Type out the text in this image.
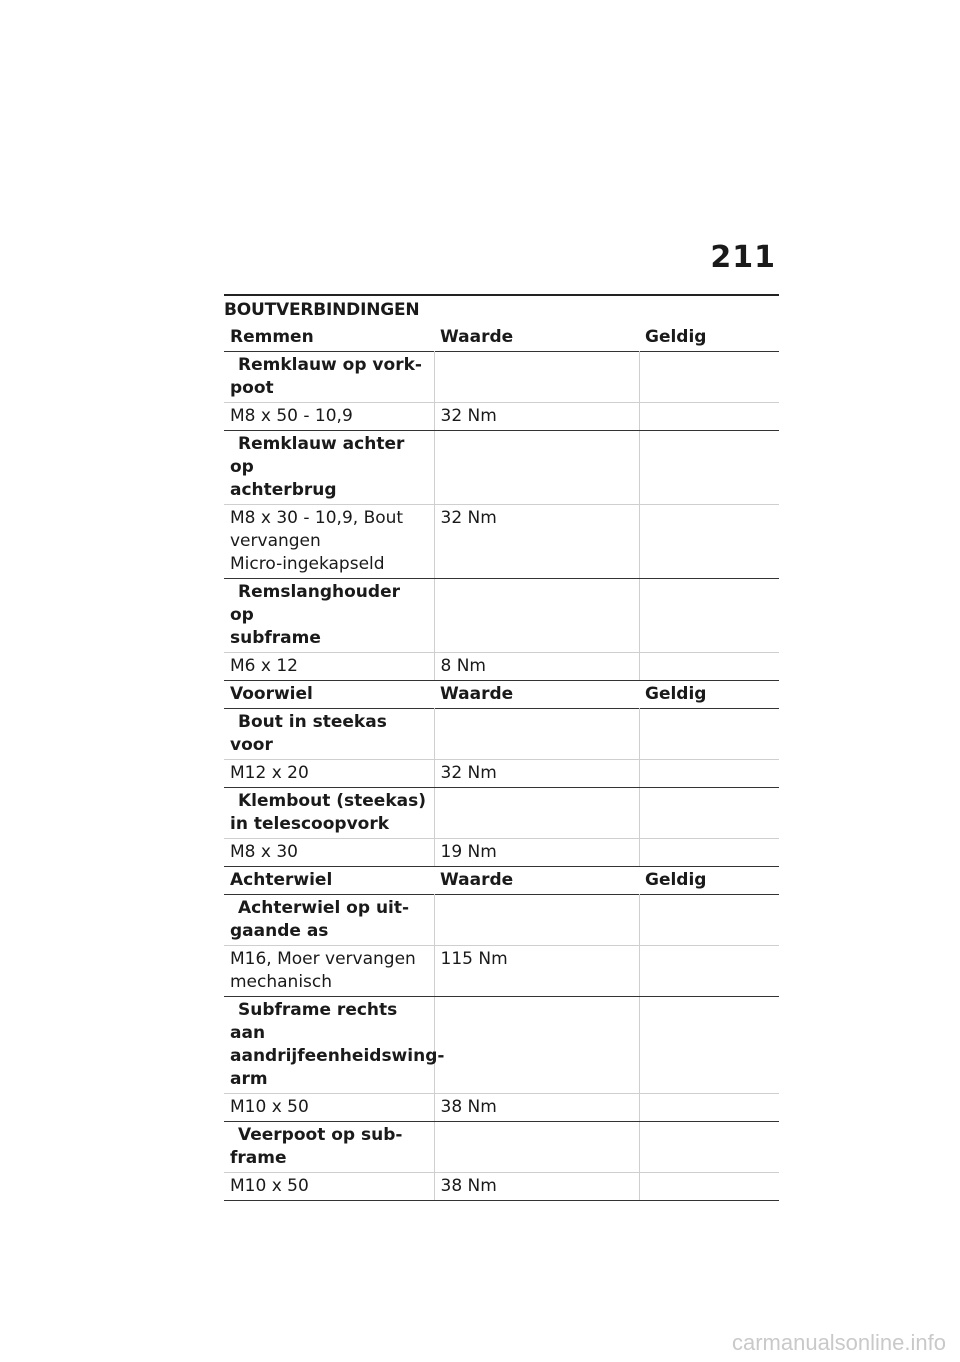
211
BOUTVERBINDINGEN
Remmen	Waarde	Geldig
Remklauw op vork-
poot		
M8 x 50 - 10,9	32 Nm	
Remklauw achter op
achterbrug		
M8 x 30 - 10,9, Bout
vervangen
Micro-ingekapseld	32 Nm	
Remslanghouder op
subframe		
M6 x 12	8 Nm	
Voorwiel	Waarde	Geldig
Bout in steekas voor		
M12 x 20	32 Nm	
Klembout (steekas)
in telescoopvork		
M8 x 30	19 Nm	
Achterwiel	Waarde	Geldig
Achterwiel op uit-
gaande as		
M16, Moer vervangen
mechanisch	115 Nm	
Subframe rechts aan
aandrijfeenheidswing-
arm		
M10 x 50	38 Nm	
Veerpoot op sub-
frame		
M10 x 50	38 Nm	
carmanualsonline.info
